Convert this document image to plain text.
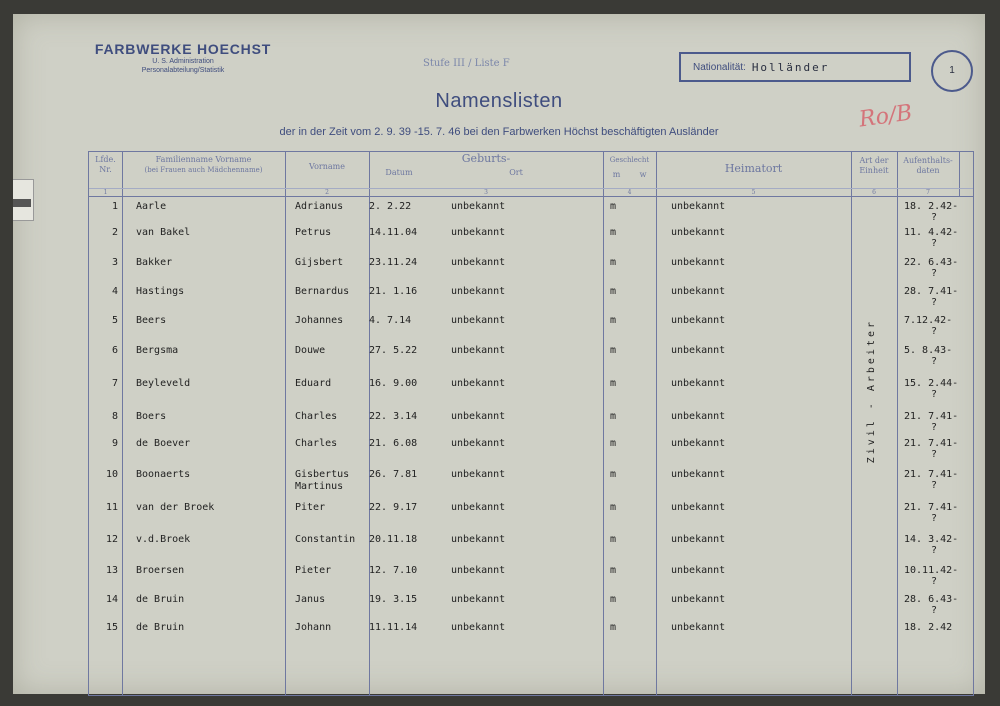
FARBWERKE HOECHST
U. S. Administration
Personalabteilung/Statistik
Stufe III / Liste F	Nationalität: Holländer	1
Namenslisten
der in der Zeit vom 2. 9. 39 -15. 7. 46 bei den Farbwerken Höchst beschäftigten Ausländer	Ro/B
Lfde. Nr.
Familienname Vorname
(bei Frauen auch Mädchenname)	Vorname
Geburts-
Datum	Ort
Geschlecht
m	w	Heimatort
Art der Einheit
Aufenthalts-daten
1	2	3	4	5	6	7
1 Aarle	Adrianus	2. 2.22	unbekannt	m	unbekannt	18. 2.42-
?
2 van Bakel	Petrus	14.11.04	unbekannt	m	unbekannt	11. 4.42-
?
3 Bakker	Gijsbert	23.11.24	unbekannt	m	unbekannt	22. 6.43-
?
4 Hastings	Bernardus 21. 1.16	unbekannt	m	unbekannt	28. 7.41-
?
5 Beers	Johannes	4. 7.14	unbekannt	m	unbekannt	7.12.42-
?
6 Bergsma	Douwe	27. 5.22	unbekannt	m	unbekannt	5. 8.43-
?
7 Beyleveld	Eduard	16. 9.00	unbekannt	m	unbekannt	15. 2.44-
?
8 Boers	Charles	22. 3.14	unbekannt	m	unbekannt	21. 7.41-
?
9 de Boever	Charles	21. 6.08	unbekannt	m	unbekannt	21. 7.41-
?
10 Boonaerts	Gisbertus 26. 7.81	unbekannt	m	unbekannt	21. 7.41-
Martinus	?
11 van der Broek	Piter	22. 9.17	unbekannt	m	unbekannt	21. 7.41-
?
12 v.d.Broek	Constantin 20.11.18	unbekannt	m	unbekannt	14. 3.42-
?
13 Broersen	Pieter	12. 7.10	unbekannt	m	unbekannt	10.11.42-
?
14 de Bruin	Janus	19. 3.15	unbekannt	m	unbekannt	28. 6.43-
?
15 de Bruin	Johann	11.11.14	unbekannt	m	unbekannt	18. 2.42
Zivil - Arbeiter
